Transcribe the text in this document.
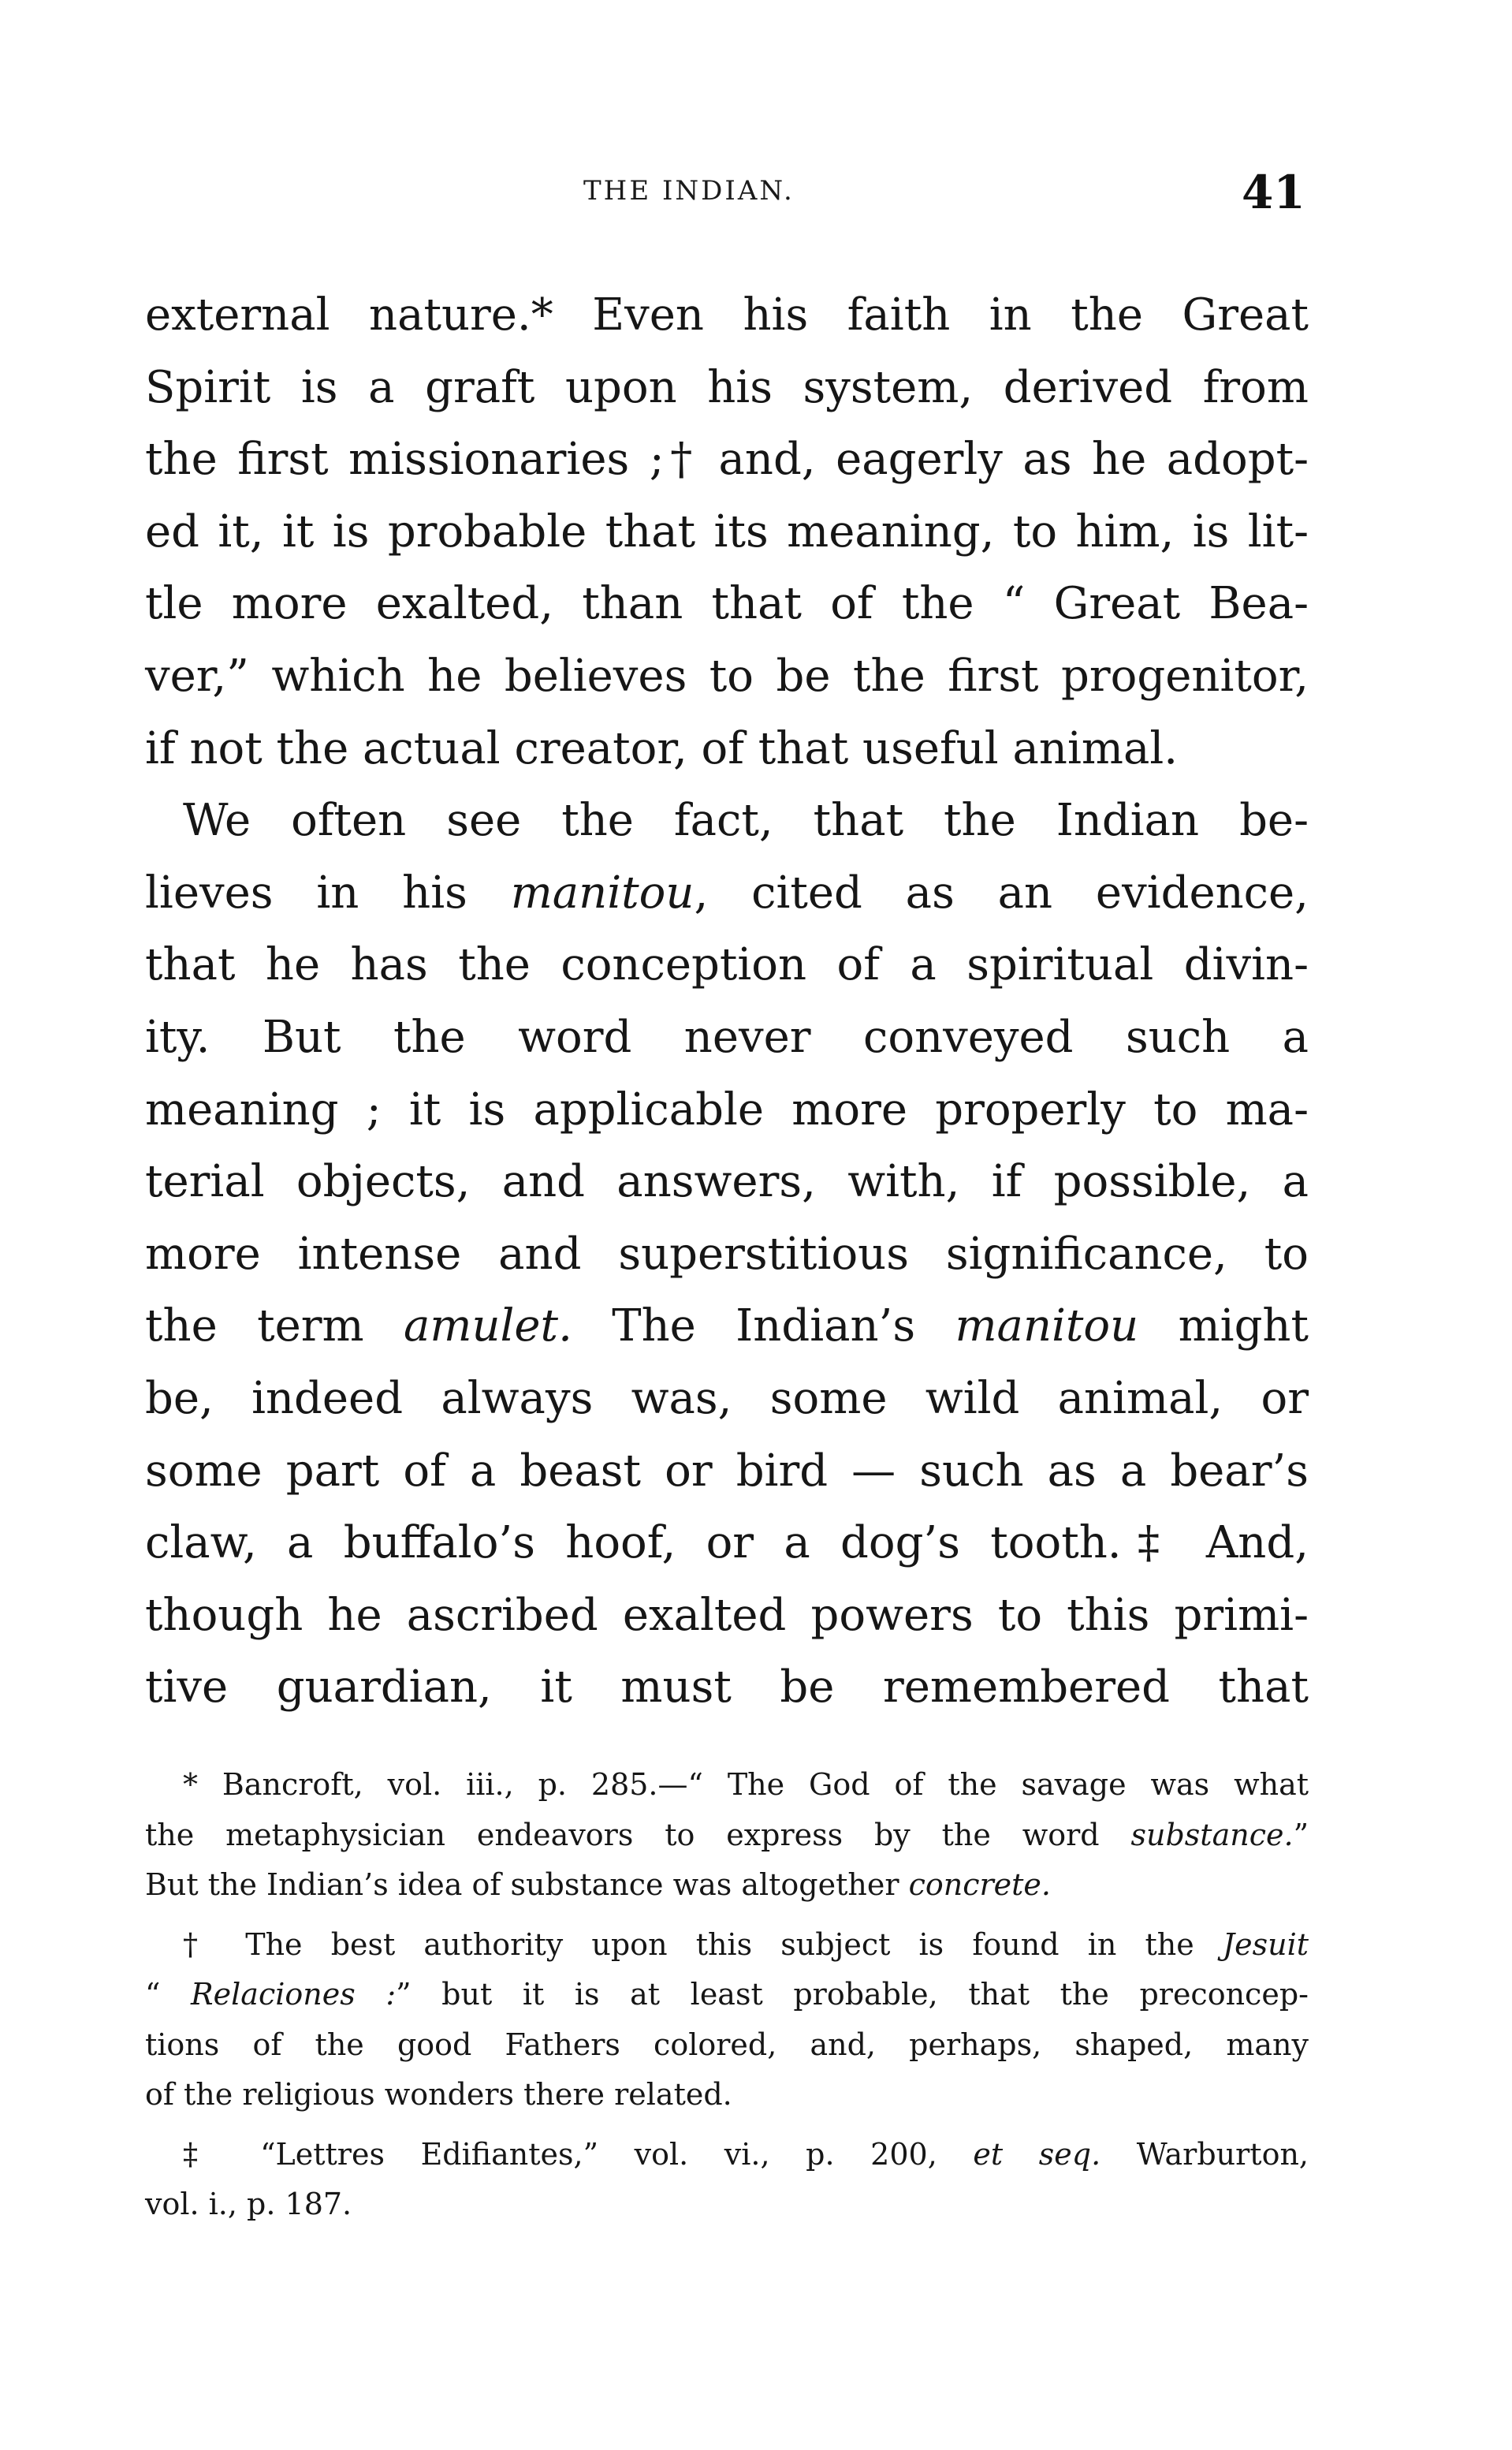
THE INDIAN.	41
external nature.* Even his faith in the Great
Spirit is a graft upon his system, derived from
the first missionaries ;† and, eagerly as he adopt-
ed it, it is probable that its meaning, to him, is lit-
tle more exalted, than that of the “ Great Bea-
ver,” which he believes to be the first progenitor,
if not the actual creator, of that useful animal.
We often see the fact, that the Indian be-
lieves in his manitou, cited as an evidence,
that he has the conception of a spiritual divin-
ity. But the word never conveyed such a
meaning ; it is applicable more properly to ma-
terial objects, and answers, with, if possible, a
more intense and superstitious significance, to
the term amulet. The Indian’s manitou might
be, indeed always was, some wild animal, or
some part of a beast or bird — such as a bear’s
claw, a buffalo’s hoof, or a dog’s tooth.‡ And,
though he ascribed exalted powers to this primi-
tive guardian, it must be remembered that
* Bancroft, vol. iii., p. 285.—“ The God of the savage was what
the metaphysician endeavors to express by the word substance.”
But the Indian’s idea of substance was altogether concrete.
† The best authority upon this subject is found in the Jesuit
“ Relaciones :” but it is at least probable, that the preconcep-
tions of the good Fathers colored, and, perhaps, shaped, many
of the religious wonders there related.
‡ “Lettres Edifiantes,” vol. vi., p. 200, et seq. Warburton,
vol. i., p. 187.
